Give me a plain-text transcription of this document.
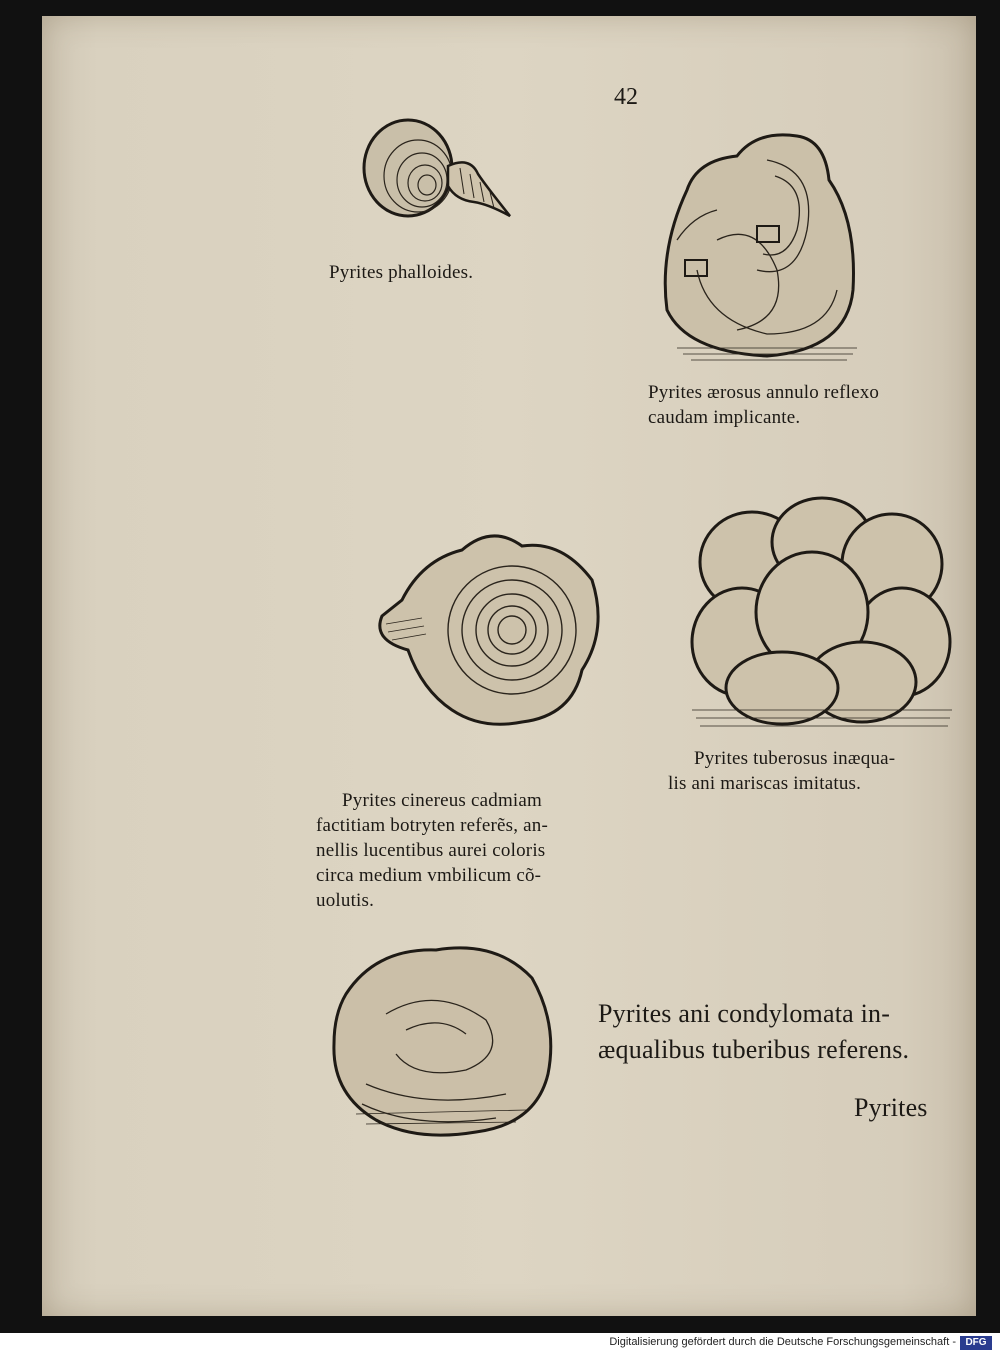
42
Pyrites phalloides.
Pyrites ærosus annulo reflexo
caudam implicante.
Pyrites cinereus cadmiam
factitiam botryten referẽs, an-
nellis lucentibus aurei coloris
circa medium vmbilicum cõ-
uolutis.
Pyrites tuberosus inæqua-
lis ani mariscas imitatus.
Pyrites ani condylomata in-
æqualibus tuberibus referens.
Pyrites
Digitalisierung gefördert durch die Deutsche Forschungsgemeinschaft - DFG
